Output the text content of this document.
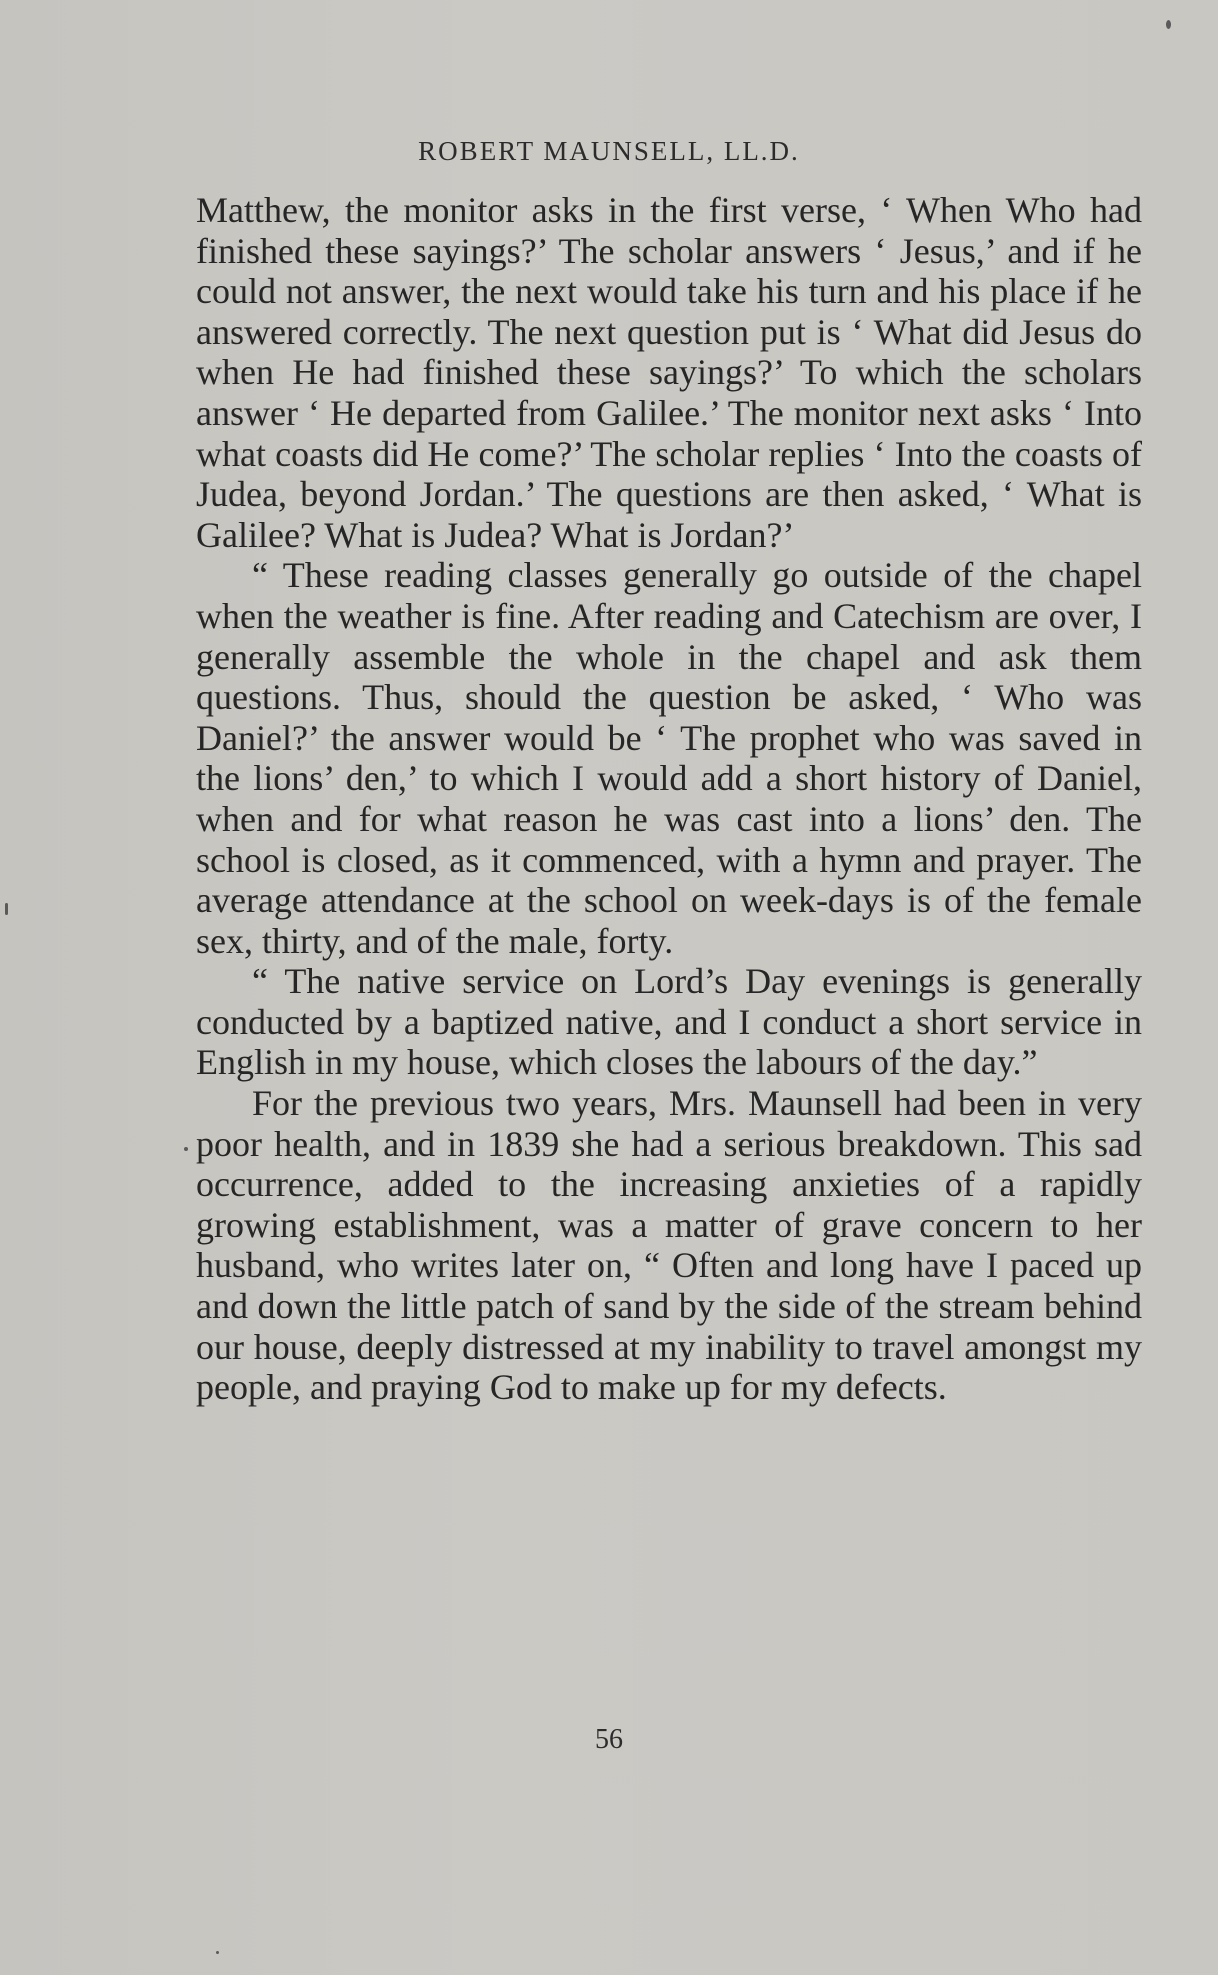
ROBERT MAUNSELL, LL.D.

Matthew, the monitor asks in the first verse, ‘ When Who had finished these sayings?’ The scholar answers ‘ Jesus,’ and if he could not answer, the next would take his turn and his place if he answered correctly. The next question put is ‘ What did Jesus do when He had finished these sayings?’ To which the scholars answer ‘ He departed from Galilee.’ The monitor next asks ‘ Into what coasts did He come?’ The scholar replies ‘ Into the coasts of Judea, beyond Jordan.’ The questions are then asked, ‘ What is Galilee? What is Judea? What is Jordan?’

“ These reading classes generally go outside of the chapel when the weather is fine. After reading and Catechism are over, I generally assemble the whole in the chapel and ask them questions. Thus, should the question be asked, ‘ Who was Daniel?’ the answer would be ‘ The prophet who was saved in the lions’ den,’ to which I would add a short history of Daniel, when and for what reason he was cast into a lions’ den. The school is closed, as it commenced, with a hymn and prayer. The average attendance at the school on week-days is of the female sex, thirty, and of the male, forty.

“ The native service on Lord’s Day evenings is generally conducted by a baptized native, and I conduct a short service in English in my house, which closes the labours of the day.”

For the previous two years, Mrs. Maunsell had been in very poor health, and in 1839 she had a serious breakdown. This sad occurrence, added to the increasing anxieties of a rapidly growing establishment, was a matter of grave concern to her husband, who writes later on, “ Often and long have I paced up and down the little patch of sand by the side of the stream behind our house, deeply distressed at my inability to travel amongst my people, and praying God to make up for my defects.

56
